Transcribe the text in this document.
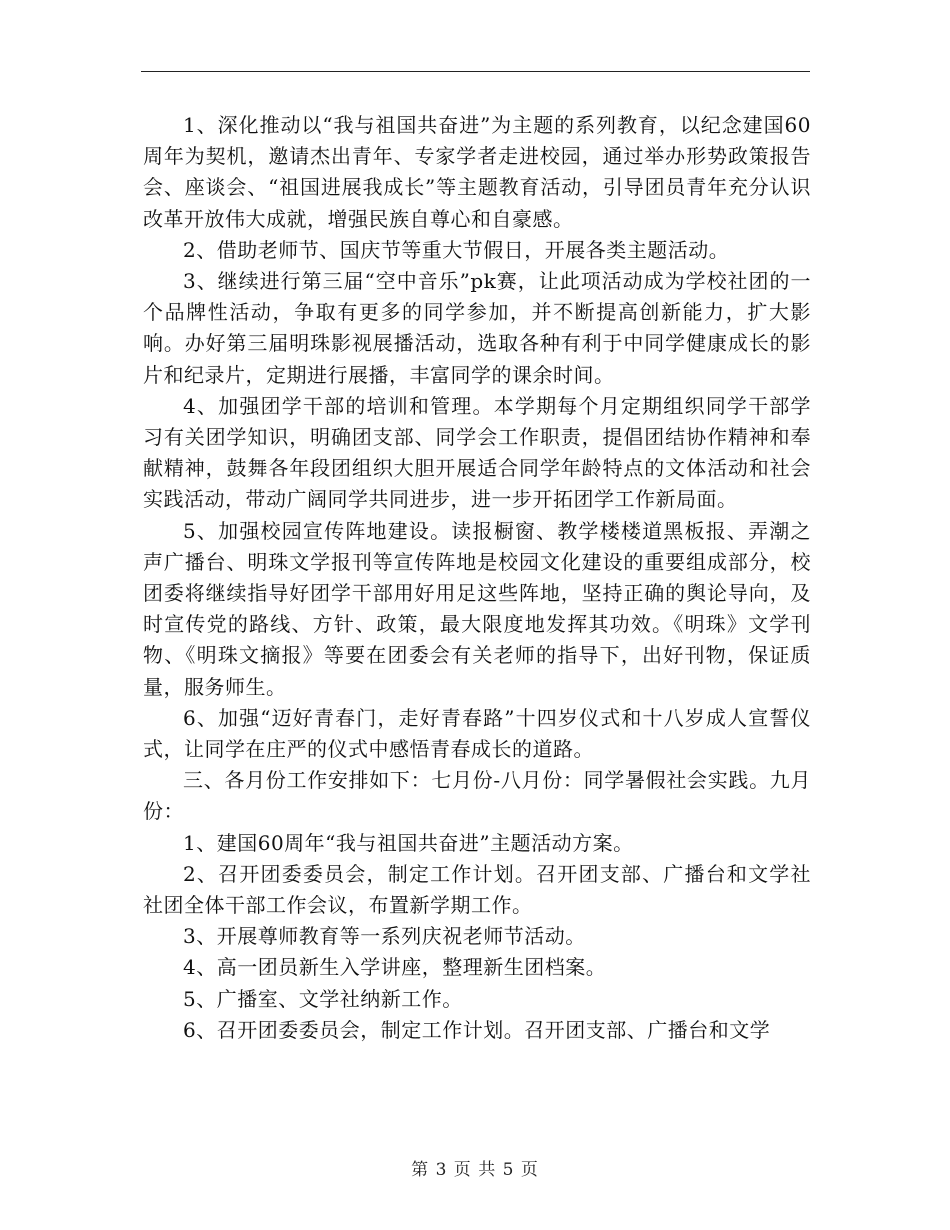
1、深化推动以“我与祖国共奋进”为主题的系列教育，以纪念建国60周年为契机，邀请杰出青年、专家学者走进校园，通过举办形势政策报告会、座谈会、“祖国进展我成长”等主题教育活动，引导团员青年充分认识改革开放伟大成就，增强民族自尊心和自豪感。

2、借助老师节、国庆节等重大节假日，开展各类主题活动。

3、继续进行第三届“空中音乐”pk赛，让此项活动成为学校社团的一个品牌性活动，争取有更多的同学参加，并不断提高创新能力，扩大影响。办好第三届明珠影视展播活动，选取各种有利于中同学健康成长的影片和纪录片，定期进行展播，丰富同学的课余时间。

4、加强团学干部的培训和管理。本学期每个月定期组织同学干部学习有关团学知识，明确团支部、同学会工作职责，提倡团结协作精神和奉献精神，鼓舞各年段团组织大胆开展适合同学年龄特点的文体活动和社会实践活动，带动广阔同学共同进步，进一步开拓团学工作新局面。

5、加强校园宣传阵地建设。读报橱窗、教学楼楼道黑板报、弄潮之声广播台、明珠文学报刊等宣传阵地是校园文化建设的重要组成部分，校团委将继续指导好团学干部用好用足这些阵地，坚持正确的舆论导向，及时宣传党的路线、方针、政策，最大限度地发挥其功效。《明珠》文学刊物、《明珠文摘报》等要在团委会有关老师的指导下，出好刊物，保证质量，服务师生。

6、加强“迈好青春门，走好青春路”十四岁仪式和十八岁成人宣誓仪式，让同学在庄严的仪式中感悟青春成长的道路。

三、各月份工作安排如下：七月份-八月份：同学暑假社会实践。九月份：

1、建国60周年“我与祖国共奋进”主题活动方案。

2、召开团委委员会，制定工作计划。召开团支部、广播台和文学社社团全体干部工作会议，布置新学期工作。

3、开展尊师教育等一系列庆祝老师节活动。

4、高一团员新生入学讲座，整理新生团档案。

5、广播室、文学社纳新工作。

6、召开团委委员会，制定工作计划。召开团支部、广播台和文学

第 3 页 共 5 页
